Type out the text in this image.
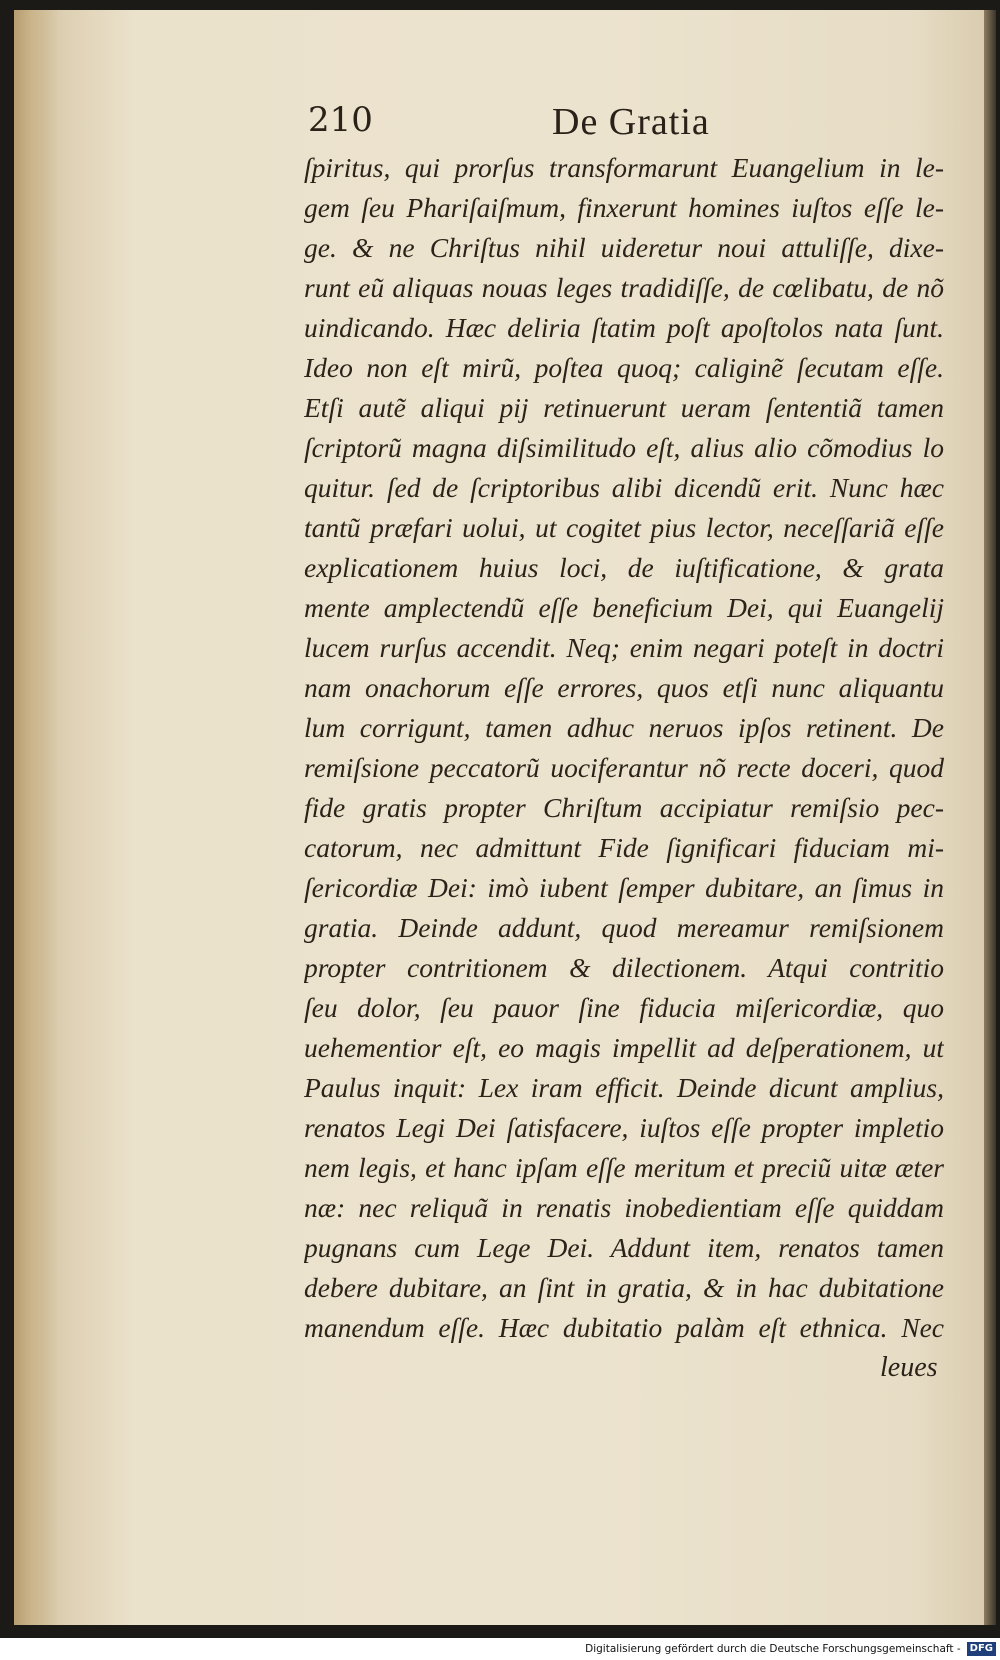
210	De Gratia
ſpiritus, qui prorſus transformarunt Euangelium in le-
gem ſeu Phariſaiſmum, finxerunt homines iuſtos eſſe le-
ge. & ne Chriſtus nihil uideretur noui attuliſſe, dixe-
runt eũ aliquas nouas leges tradidiſſe, de cœlibatu, de nõ
uindicando. Hæc deliria ſtatim poſt apoſtolos nata ſunt.
Ideo non eſt mirũ, poſtea quoq; caliginẽ ſecutam eſſe.
Etſi autẽ aliqui pij retinuerunt ueram ſententiã tamen
ſcriptorũ magna diſsimilitudo eſt, alius alio cõmodius lo
quitur. ſed de ſcriptoribus alibi dicendũ erit. Nunc hæc
tantũ præfari uolui, ut cogitet pius lector, neceſſariã eſſe
explicationem huius loci, de iuſtificatione, & grata
mente amplectendũ eſſe beneficium Dei, qui Euangelij
lucem rurſus accendit. Neq; enim negari poteſt in doctri
nam onachorum eſſe errores, quos etſi nunc aliquantu
lum corrigunt, tamen adhuc neruos ipſos retinent. De
remiſsione peccatorũ uociferantur nõ recte doceri, quod
fide gratis propter Chriſtum accipiatur remiſsio pec-
catorum, nec admittunt Fide ſignificari fiduciam mi-
ſericordiæ Dei: imò iubent ſemper dubitare, an ſimus in
gratia. Deinde addunt, quod mereamur remiſsionem
propter contritionem & dilectionem. Atqui contritio
ſeu dolor, ſeu pauor ſine fiducia miſericordiæ, quo
uehementior eſt, eo magis impellit ad deſperationem, ut
Paulus inquit: Lex iram efficit. Deinde dicunt amplius,
renatos Legi Dei ſatisfacere, iuſtos eſſe propter impletio
nem legis, et hanc ipſam eſſe meritum et preciũ uitæ æter
næ: nec reliquã in renatis inobedientiam eſſe quiddam
pugnans cum Lege Dei. Addunt item, renatos tamen
debere dubitare, an ſint in gratia, & in hac dubitatione
manendum eſſe. Hæc dubitatio palàm eſt ethnica. Nec
leues
Digitalisierung gefördert durch die Deutsche Forschungsgemeinschaft - DFG
